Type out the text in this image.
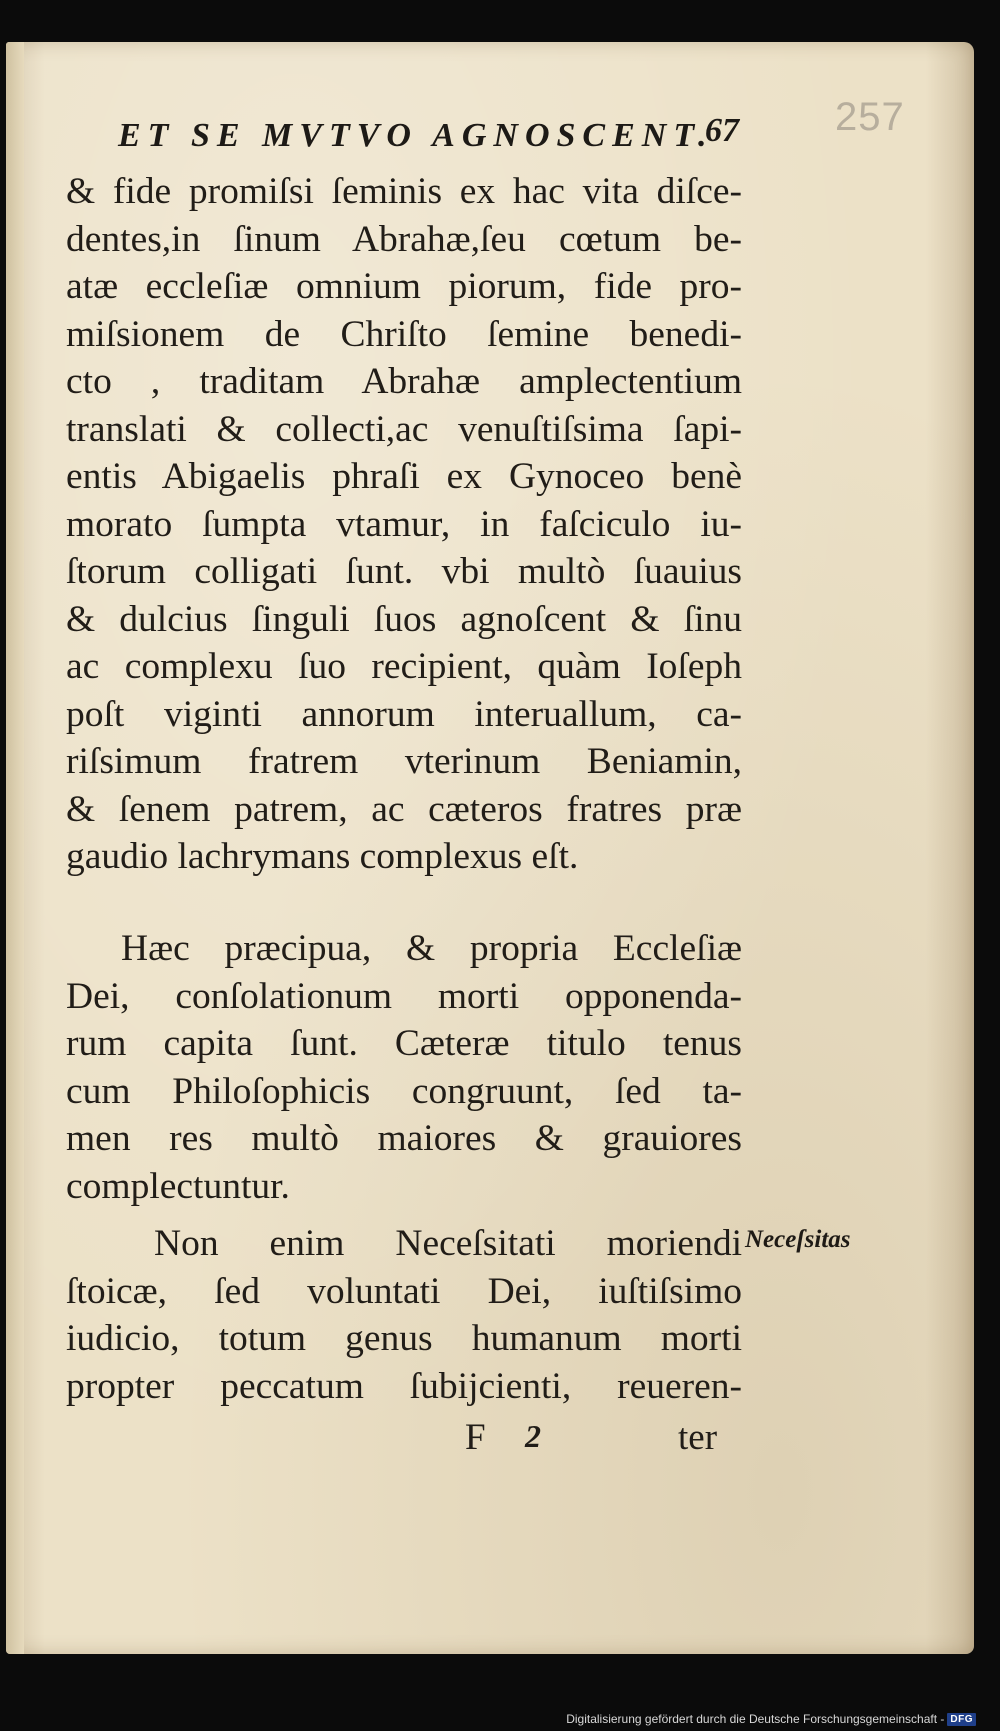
ET SE MVTVO AGNOSCENT.
67 257
& fide promiſsi ſeminis ex hac vita diſce-
dentes,in ſinum Abrahæ,ſeu cœtum be-
atæ eccleſiæ omnium piorum, fide pro-
miſsionem de Chriſto ſemine benedi-
cto , traditam Abrahæ amplectentium
translati & collecti,ac venuſtiſsima ſapi-
entis Abigaelis phraſi ex Gynoceo benè
morato ſumpta vtamur, in faſciculo iu-
ſtorum colligati ſunt. vbi multò ſuauius
& dulcius ſinguli ſuos agnoſcent & ſinu
ac complexu ſuo recipient, quàm Ioſeph
poſt viginti annorum interuallum, ca-
riſsimum fratrem vterinum Beniamin,
& ſenem patrem, ac cæteros fratres præ
gaudio lachrymans complexus eſt.
Hæc præcipua, & propria Eccleſiæ
Dei, conſolationum morti opponenda-
rum capita ſunt. Cæteræ titulo tenus
cum Philoſophicis congruunt, ſed ta-
men res multò maiores & grauiores
complectuntur.
Non enim Neceſsitati moriendi
ſtoicæ, ſed voluntati Dei, iuſtiſsimo
iudicio, totum genus humanum morti
propter peccatum ſubijcienti, reueren-
Neceſsitas
F 2	ter
Digitalisierung gefördert durch die Deutsche Forschungsgemeinschaft - DFG
